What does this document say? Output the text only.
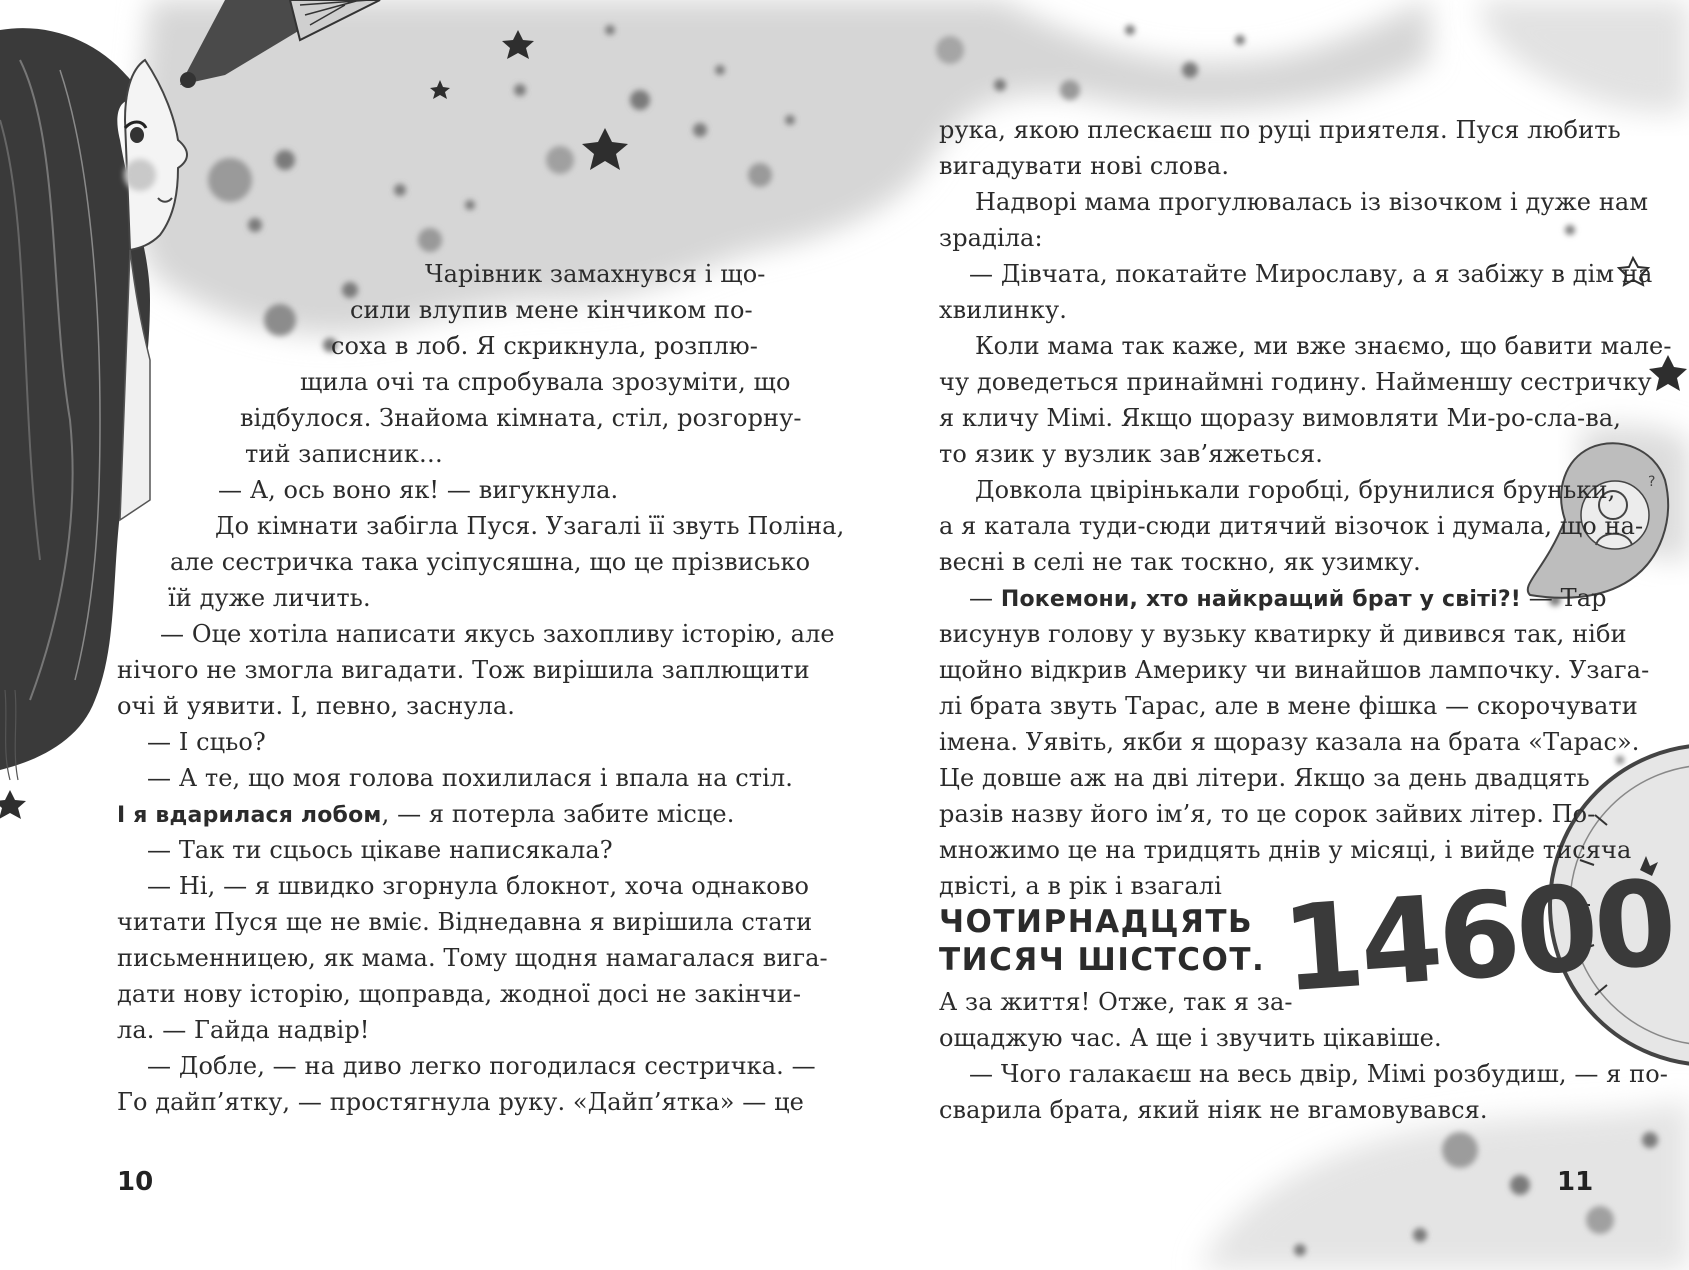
?
14600
Чарівник замахнувся і що-
сили влупив мене кінчиком по-
соха в лоб. Я скрикнула, розплю-
щила очі та спробувала зрозуміти, що
відбулося. Знайома кімната, стіл, розгорну-
тий записник…
— А, ось воно як! — вигукнула.
До кімнати забігла Пуся. Узагалі її звуть Поліна,
але сестричка така усіпусяшна, що це прізвисько
їй дуже личить.
— Оце хотіла написати якусь захопливу історію, але
нічого не змогла вигадати. Тож вирішила заплющити
очі й уявити. І, певно, заснула.
— І сцьо?
— А те, що моя голова похилилася і впала на стіл.
І я вдарилася лобом, — я потерла забите місце.
— Так ти сцьось цікаве написякала?
— Ні, — я швидко згорнула блокнот, хоча однаково
читати Пуся ще не вміє. Віднедавна я вирішила стати
письменницею, як мама. Тому щодня намагалася вига-
дати нову історію, щоправда, жодної досі не закінчи-
ла. — Гайда надвір!
— Добле, — на диво легко погодилася сестричка. —
Го дайп’ятку, — простягнула руку. «Дайп’ятка» — це
10
рука, якою плескаєш по руці приятеля. Пуся любить
вигадувати нові слова.
Надворі мама прогулювалась із візочком і дуже нам
зраділа:
— Дівчата, покатайте Мирославу, а я забіжу в дім на
хвилинку.
Коли мама так каже, ми вже знаємо, що бавити мале-
чу доведеться принаймні годину. Найменшу сестричку
я кличу Мімі. Якщо щоразу вимовляти Ми-ро-сла-ва,
то язик у вузлик зав’яжеться.
Довкола цвірінькали горобці, брунилися бруньки,
а я катала туди-сюди дитячий візочок і думала, що на-
весні в селі не так тоскно, як узимку.
— Покемони, хто найкращий брат у світі?! — Тар
висунув голову у вузьку кватирку й дивився так, ніби
щойно відкрив Америку чи винайшов лампочку. Узага-
лі брата звуть Тарас, але в мене фішка — скорочувати
імена. Уявіть, якби я щоразу казала на брата «Тарас».
Це довше аж на дві літери. Якщо за день двадцять
разів назву його ім’я, то це сорок зайвих літер. По-
множимо це на тридцять днів у місяці, і вийде тисяча
двісті, а в рік і взагалі
ЧОТИРНАДЦЯТЬ
ТИСЯЧ ШІСТСОТ.
А за життя! Отже, так я за-
ощаджую час. А ще і звучить цікавіше.
— Чого галакаєш на весь двір, Мімі розбудиш, — я по-
сварила брата, який ніяк не вгамовувався.
11
